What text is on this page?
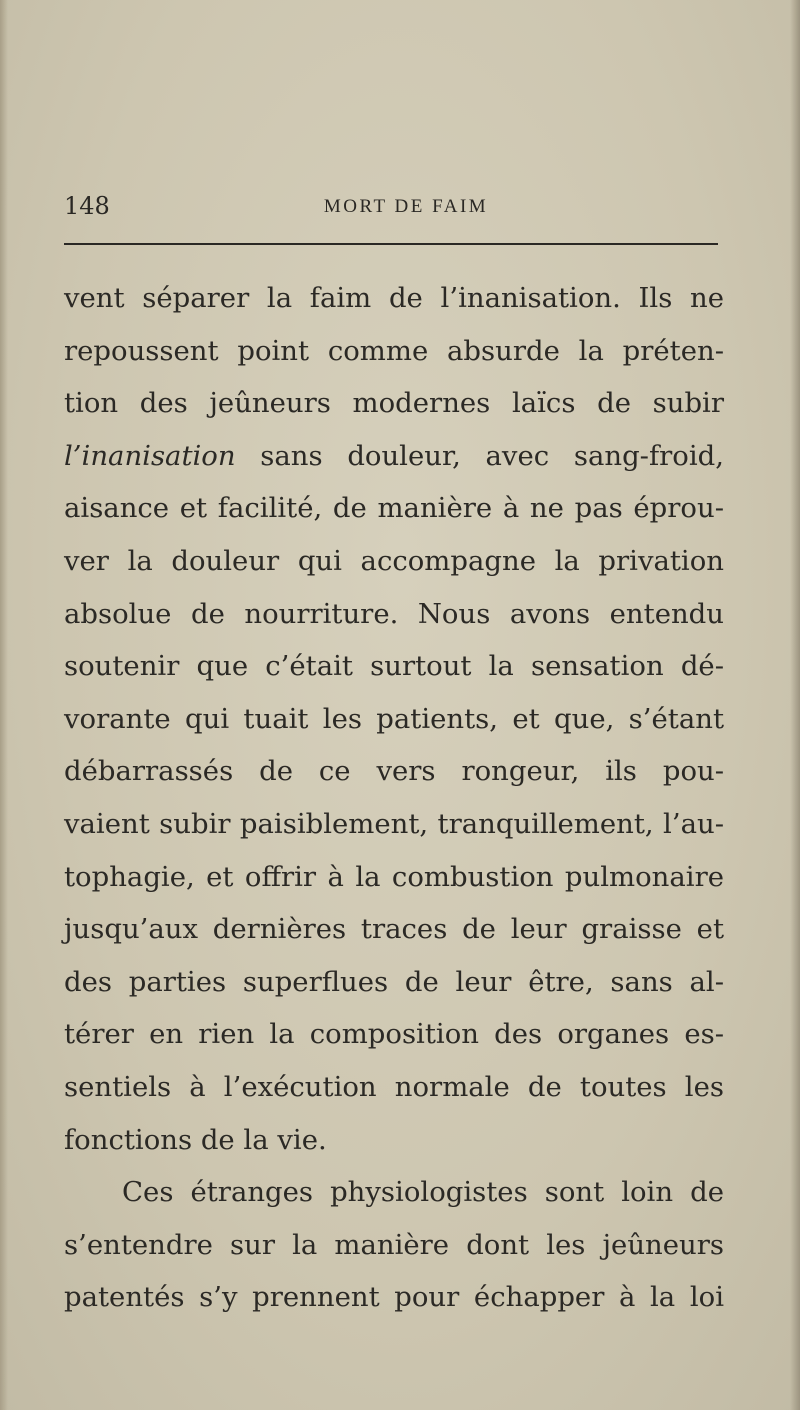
148	MORT DE FAIM
vent séparer la faim de l’inanisation. Ils ne
repoussent point comme absurde la préten-
tion des jeûneurs modernes laïcs de subir
l’inanisation sans douleur, avec sang-froid,
aisance et facilité, de manière à ne pas éprou-
ver la douleur qui accompagne la privation
absolue de nourriture. Nous avons entendu
soutenir que c’était surtout la sensation dé-
vorante qui tuait les patients, et que, s’étant
débarrassés de ce vers rongeur, ils pou-
vaient subir paisiblement, tranquillement, l’au-
tophagie, et offrir à la combustion pulmonaire
jusqu’aux dernières traces de leur graisse et
des parties superflues de leur être, sans al-
térer en rien la composition des organes es-
sentiels à l’exécution normale de toutes les
fonctions de la vie.
Ces étranges physiologistes sont loin de
s’entendre sur la manière dont les jeûneurs
patentés s’y prennent pour échapper à la loi
